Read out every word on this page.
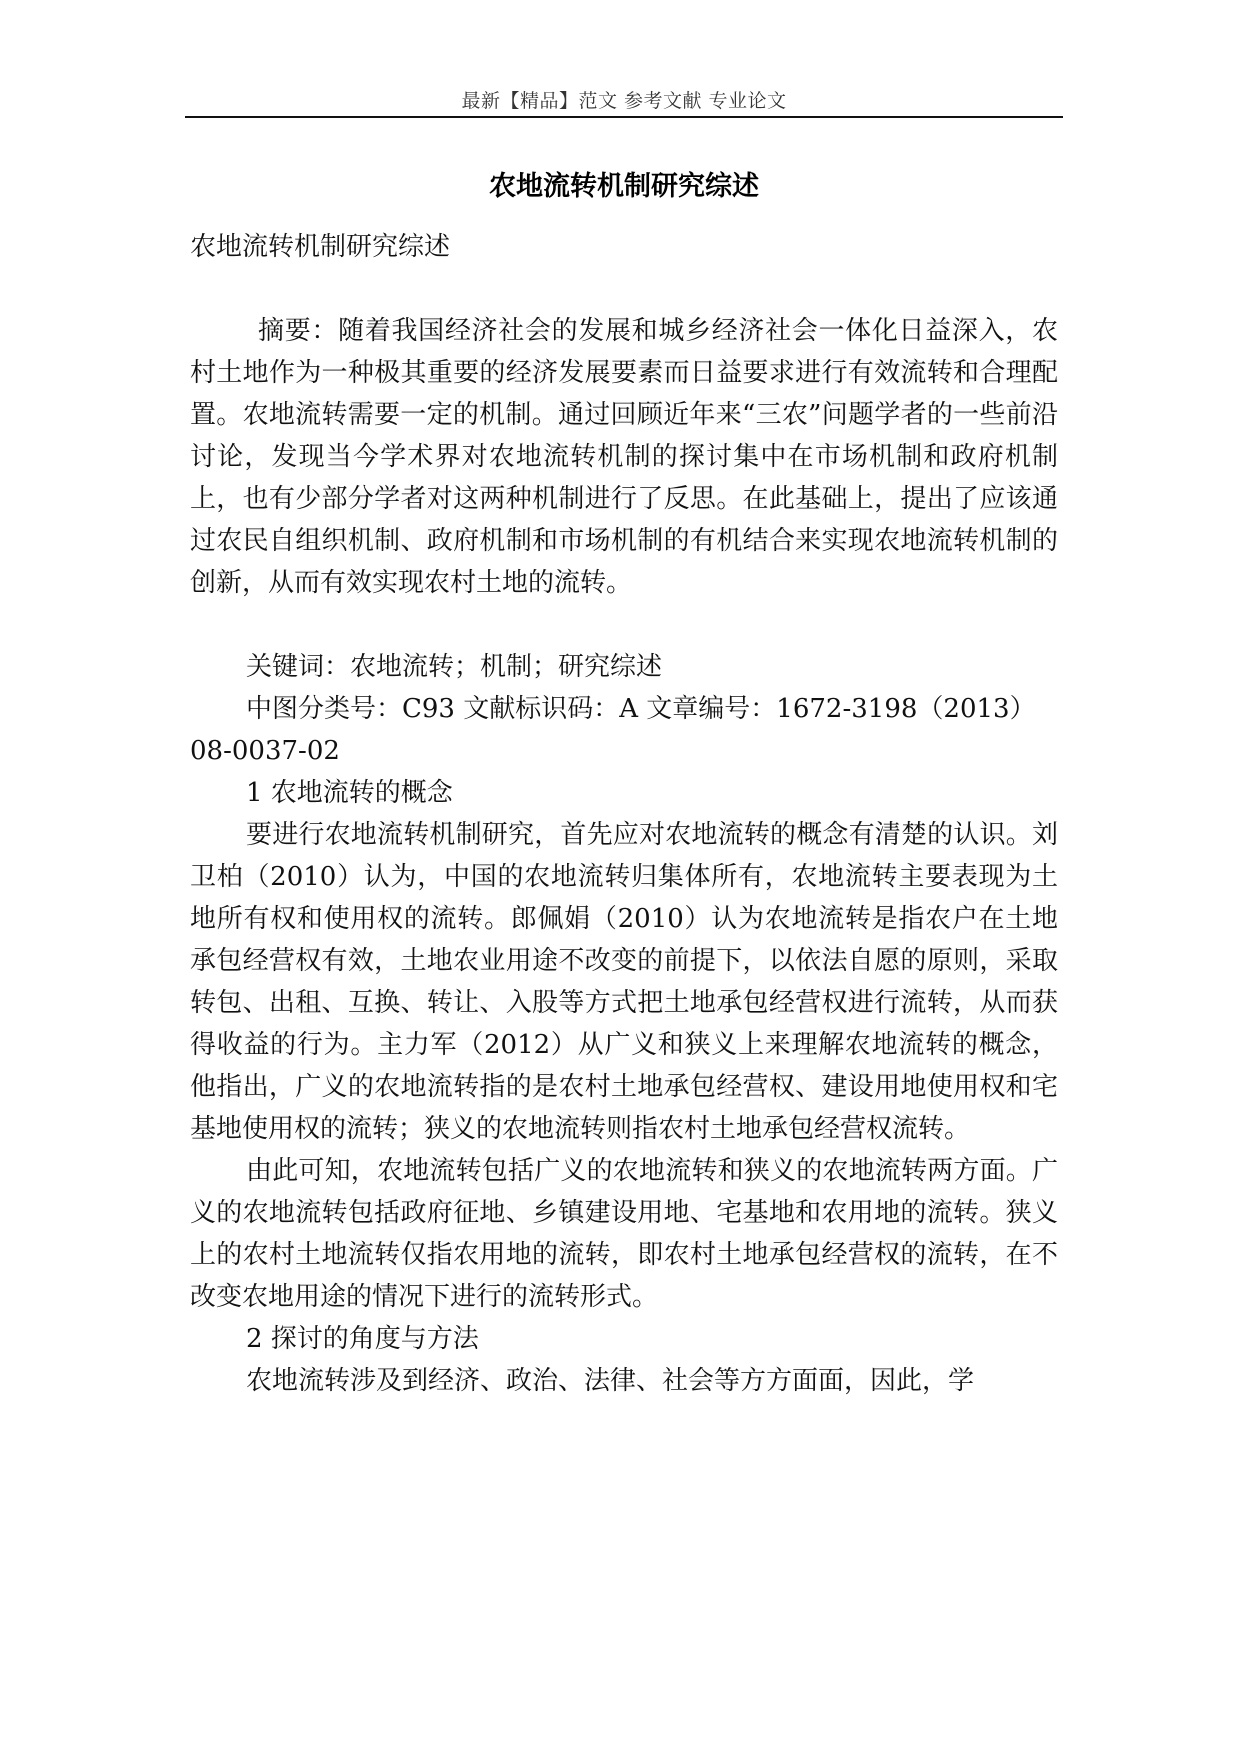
最新【精品】范文 参考文献 专业论文
农地流转机制研究综述

农地流转机制研究综述

摘要：随着我国经济社会的发展和城乡经济社会一体化日益深入，农村土地作为一种极其重要的经济发展要素而日益要求进行有效流转和合理配置。农地流转需要一定的机制。通过回顾近年来“三农”问题学者的一些前沿讨论，发现当今学术界对农地流转机制的探讨集中在市场机制和政府机制上，也有少部分学者对这两种机制进行了反思。在此基础上，提出了应该通过农民自组织机制、政府机制和市场机制的有机结合来实现农地流转机制的创新，从而有效实现农村土地的流转。

关键词：农地流转；机制；研究综述

中图分类号：C93 文献标识码：A 文章编号：1672-3198（2013）

08-0037-02

1 农地流转的概念

要进行农地流转机制研究，首先应对农地流转的概念有清楚的认识。刘卫柏（2010）认为，中国的农地流转归集体所有，农地流转主要表现为土地所有权和使用权的流转。郎佩娟（2010）认为农地流转是指农户在土地承包经营权有效，土地农业用途不改变的前提下，以依法自愿的原则，采取转包、出租、互换、转让、入股等方式把土地承包经营权进行流转，从而获得收益的行为。主力军（2012）从广义和狭义上来理解农地流转的概念，他指出，广义的农地流转指的是农村土地承包经营权、建设用地使用权和宅基地使用权的流转；狭义的农地流转则指农村土地承包经营权流转。

由此可知，农地流转包括广义的农地流转和狭义的农地流转两方面。广义的农地流转包括政府征地、乡镇建设用地、宅基地和农用地的流转。狭义上的农村土地流转仅指农用地的流转，即农村土地承包经营权的流转，在不改变农地用途的情况下进行的流转形式。

2 探讨的角度与方法

农地流转涉及到经济、政治、法律、社会等方方面面，因此，学
